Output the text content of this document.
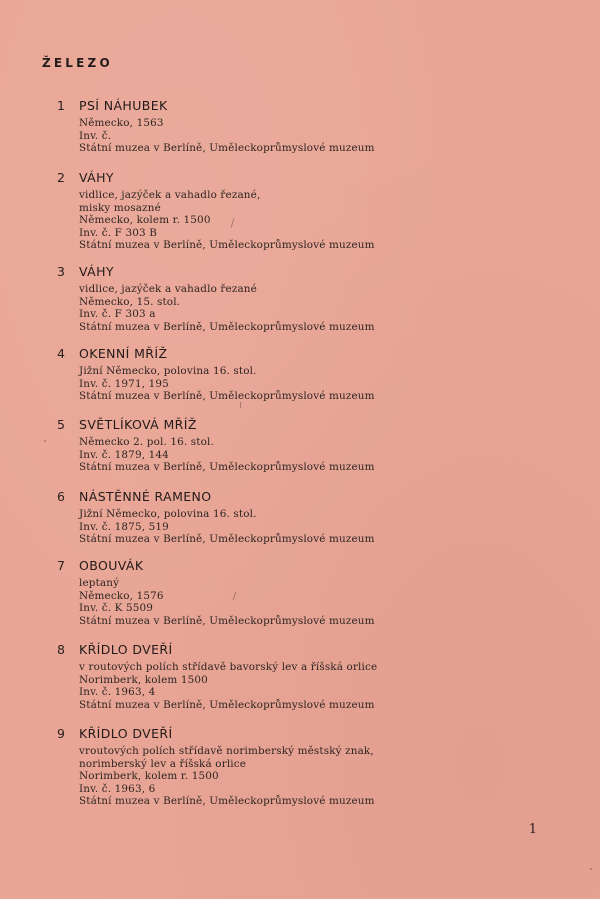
ŽELEZO
1	PSÍ NÁHUBEK
Německo, 1563
Inv. č.
Státní muzea v Berlíně, Uměleckoprůmyslové muzeum
2	VÁHY
vidlice, jazýček a vahadlo řezané,
misky mosazné
Německo, kolem r. 1500
Inv. č. F 303 B
Státní muzea v Berlíně, Uměleckoprůmyslové muzeum
3	VÁHY
vidlice, jazýček a vahadlo řezané
Německo, 15. stol.
Inv. č. F 303 a
Státní muzea v Berlíně, Uměleckoprůmyslové muzeum
4	OKENNÍ MŘÍŽ
Jižní Německo, polovina 16. stol.
Inv. č. 1971, 195
Státní muzea v Berlíně, Uměleckoprůmyslové muzeum
5	SVĚTLÍKOVÁ MŘÍŽ
Německo 2. pol. 16. stol.
Inv. č. 1879, 144
Státní muzea v Berlíně, Uměleckoprůmyslové muzeum
6	NÁSTĚNNÉ RAMENO
Jižní Německo, polovina 16. stol.
Inv. č. 1875, 519
Státní muzea v Berlíně, Uměleckoprůmyslové muzeum
7	OBOUVÁK
leptaný
Německo, 1576
Inv. č. K 5509
Státní muzea v Berlíně, Uměleckoprůmyslové muzeum
8	KŘÍDLO DVEŘÍ
v routových polích střídavě bavorský lev a říšská orlice
Norimberk, kolem 1500
Inv. č. 1963, 4
Státní muzea v Berlíně, Uměleckoprůmyslové muzeum
9	KŘÍDLO DVEŘÍ
vroutových polích střídavě norimberský městský znak,
norimberský lev a říšská orlice
Norimberk, kolem r. 1500
Inv. č. 1963, 6
Státní muzea v Berlíně, Uměleckoprůmyslové muzeum
1
